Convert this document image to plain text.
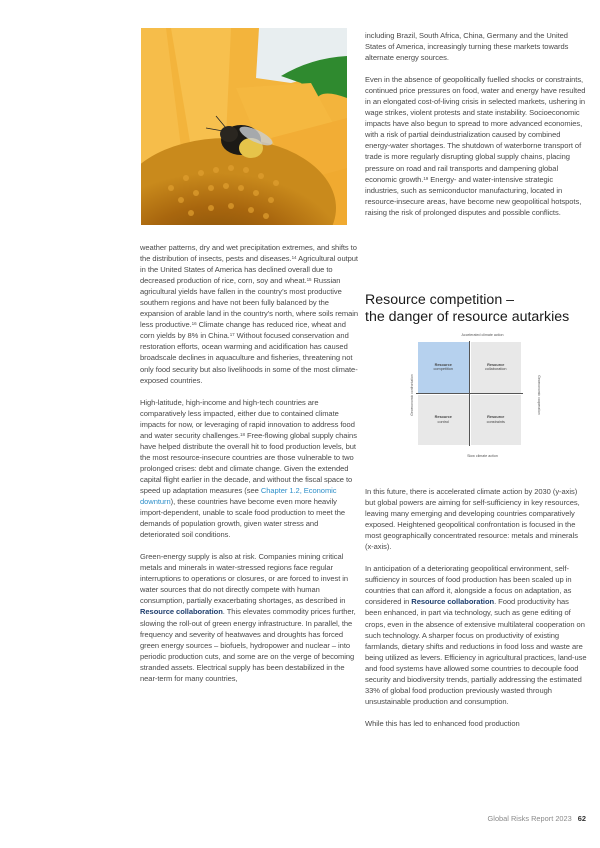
weather patterns, dry and wet precipitation extremes, and shifts to the distribution of insects, pests and diseases.$^{14}$ Agricultural output in the United States of America has declined overall due to decreased production of rice, corn, soy and wheat.$^{15}$ Russian agricultural yields have fallen in the country’s most productive southern regions and have not been fully balanced by the expansion of arable land in the country’s north, where soils remain less productive.$^{16}$ Climate change has reduced rice, wheat and corn yields by 8% in China.$^{17}$ Without focused conservation and restoration efforts, ocean warming and acidification has caused broadscale declines in aquaculture and fisheries, threatening not only food security but also livelihoods in some of the most climate-exposed countries.

High-latitude, high-income and high-tech countries are comparatively less impacted, either due to contained climate impacts for now, or leveraging of rapid innovation to address food and water security challenges.$^{18}$ Free-flowing global supply chains have helped distribute the overall hit to food production levels, but the most resource-insecure countries are those vulnerable to two prolonged crises: debt and climate change. Given the extended capital flight earlier in the decade, and without the fiscal space to speed up adaptation measures (see Chapter 1.2, Economic downturn), these countries have become even more heavily import-dependent, unable to scale food production to meet the demands of population growth, given water stress and deteriorated soil conditions.

Green-energy supply is also at risk. Companies mining critical metals and minerals in water-stressed regions face regular interruptions to operations or closures, or are forced to invest in water sources that do not directly compete with human consumption, partially exacerbating shortages, as described in Resource collaboration. This elevates commodity prices further, slowing the roll-out of green energy infrastructure. In parallel, the frequency and severity of heatwaves and droughts has forced green energy sources – biofuels, hydropower and nuclear – into periodic production cuts, and some are on the verge of becoming stranded assets. Electrical supply has been destabilized in the near-term for many countries,

including Brazil, South Africa, China, Germany and the United States of America, increasingly turning these markets towards alternate energy sources.

Even in the absence of geopolitically fuelled shocks or constraints, continued price pressures on food, water and energy have resulted in an elongated cost-of-living crisis in selected markets, ushering in wage strikes, violent protests and state instability. Socioeconomic impacts have also begun to spread to more advanced economies, with a risk of partial deindustrialization caused by combined energy-water shortages. The shutdown of waterborne transport of trade is more regularly disrupting global supply chains, placing pressure on road and rail transports and dampening global economic growth.$^{19}$ Energy- and water-intensive strategic industries, such as semiconductor manufacturing, located in resource-insecure areas, have become new geopolitical hotspots, raising the risk of prolonged disputes and possible conflicts.

Resource competition –
the danger of resource autarkies
Accelerated climate action
Geoeconomic confrontation	Geoeconomic cooperation
Resource
competition
Resource
collaboration
Resource
control
Resource
constraints
Slow climate action

In this future, there is accelerated climate action by 2030 (y-axis) but global powers are aiming for self-sufficiency in key resources, leaving many emerging and developing countries comparatively exposed. Heightened geopolitical confrontation is focused in the most geographically concentrated resource: metals and minerals (x-axis).

In anticipation of a deteriorating geopolitical environment, self-sufficiency in sources of food production has been scaled up in countries that can afford it, alongside a focus on adaptation, as considered in Resource collaboration. Food productivity has been enhanced, in part via technology, such as gene editing of crops, even in the absence of extensive multilateral cooperation on such technology. A sharper focus on productivity of existing farmlands, dietary shifts and reductions in food loss and waste are being utilized as levers. Efficiency in agricultural practices, land-use and food systems have allowed some countries to decouple food security and biodiversity trends, partially addressing the estimated 33% of global food production previously wasted through unsustainable production and consumption.

While this has led to enhanced food production

Global Risks Report 2023 62
